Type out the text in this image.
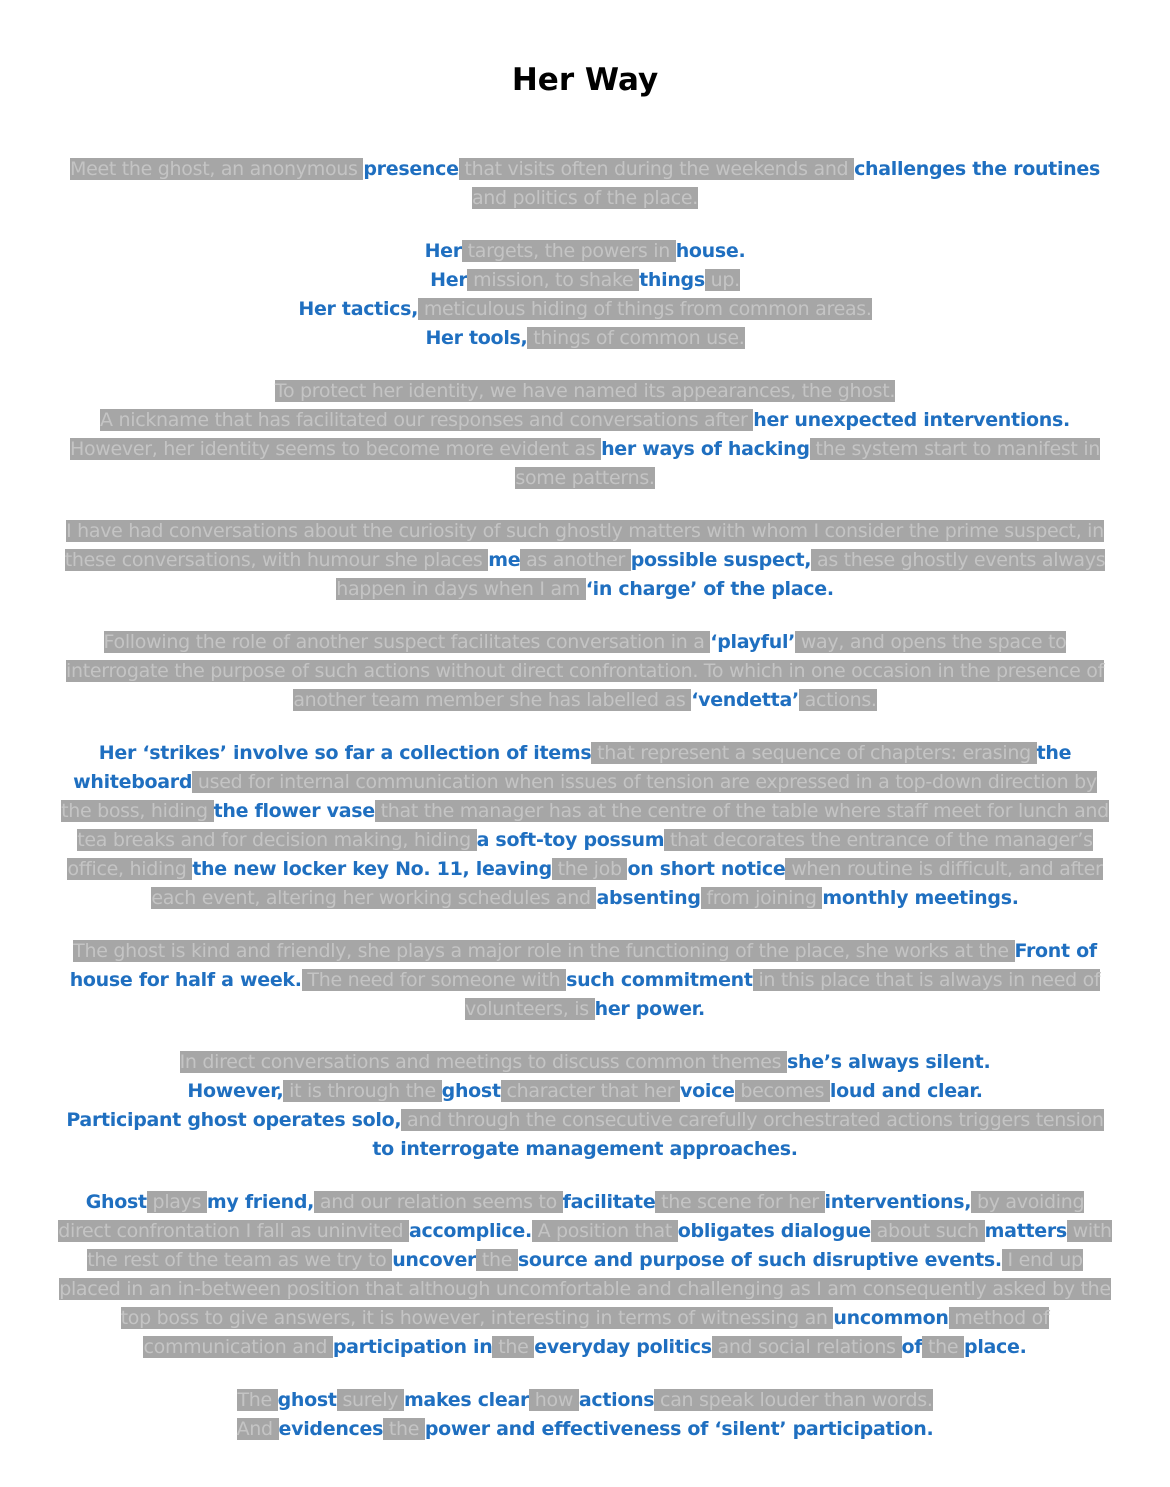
Her Way
Meet the ghost, an anonymous presence that visits often during the weekends and challenges the routines and politics of the place.
Her targets, the powers in house.
Her mission, to shake things up.
Her tactics, meticulous hiding of things from common areas.
Her tools, things of common use.
To protect her identity, we have named its appearances, the ghost.
A nickname that has facilitated our responses and conversations after her unexpected interventions.
However, her identity seems to become more evident as her ways of hacking the system start to manifest in some patterns.
I have had conversations about the curiosity of such ghostly matters with whom I consider the prime suspect, in these conversations, with humour she places me as another possible suspect, as these ghostly events always happen in days when I am ‘in charge’ of the place.
Following the role of another suspect facilitates conversation in a ‘playful’ way, and opens the space to interrogate the purpose of such actions without direct confrontation. To which in one occasion in the presence of another team member she has labelled as ‘vendetta’ actions.
Her ‘strikes’ involve so far a collection of items that represent a sequence of chapters: erasing the whiteboard used for internal communication when issues of tension are expressed in a top-down direction by the boss, hiding the flower vase that the manager has at the centre of the table where staff meet for lunch and tea breaks and for decision making, hiding a soft-toy possum that decorates the entrance of the manager’s office, hiding the new locker key No. 11, leaving the job on short notice when routine is difficult, and after each event, altering her working schedules and absenting from joining monthly meetings.
The ghost is kind and friendly, she plays a major role in the functioning of the place, she works at the Front of house for half a week. The need for someone with such commitment in this place that is always in need of volunteers, is her power.
In direct conversations and meetings to discuss common themes she’s always silent.
However, it is through the ghost character that her voice becomes loud and clear.
Participant ghost operates solo, and through the consecutive carefully orchestrated actions triggers tension to interrogate management approaches.
Ghost plays my friend, and our relation seems to facilitate the scene for her interventions, by avoiding direct confrontation I fall as uninvited accomplice. A position that obligates dialogue about such matters with the rest of the team as we try to uncover the source and purpose of such disruptive events. I end up placed in an in-between position that although uncomfortable and challenging as I am consequently asked by the top boss to give answers, it is however, interesting in terms of witnessing an uncommon method of communication and participation in the everyday politics and social relations of the place.
The ghost surely makes clear how actions can speak louder than words.
And evidences the power and effectiveness of ‘silent’ participation.
